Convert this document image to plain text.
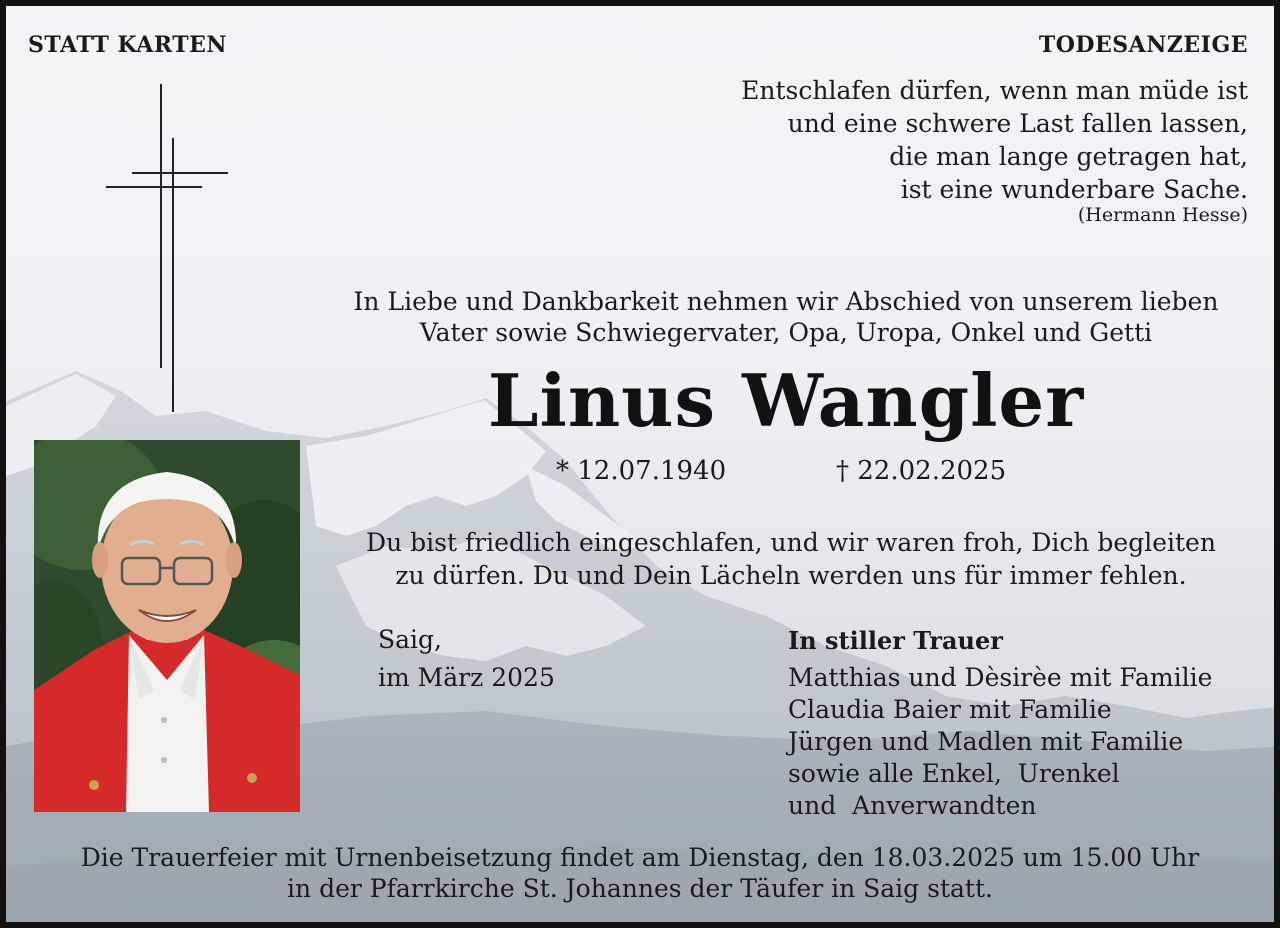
STATT KARTEN	TODESANZEIGE
Entschlafen dürfen, wenn man müde ist
und eine schwere Last fallen lassen,
die man lange getragen hat,
ist eine wunderbare Sache.
(Hermann Hesse)
In Liebe und Dankbarkeit nehmen wir Abschied von unserem lieben
Vater sowie Schwiegervater, Opa, Uropa, Onkel und Getti
Linus Wangler
* 12.07.1940	† 22.02.2025
Du bist friedlich eingeschlafen, und wir waren froh, Dich begleiten
zu dürfen. Du und Dein Lächeln werden uns für immer fehlen.
Saig,
im März 2025
In stiller Trauer
Matthias und Dèsirèe mit Familie
Claudia Baier mit Familie
Jürgen und Madlen mit Familie
sowie alle Enkel,  Urenkel
und  Anverwandten
Die Trauerfeier mit Urnenbeisetzung findet am Dienstag, den 18.03.2025 um 15.00 Uhr
in der Pfarrkirche St. Johannes der Täufer in Saig statt.
